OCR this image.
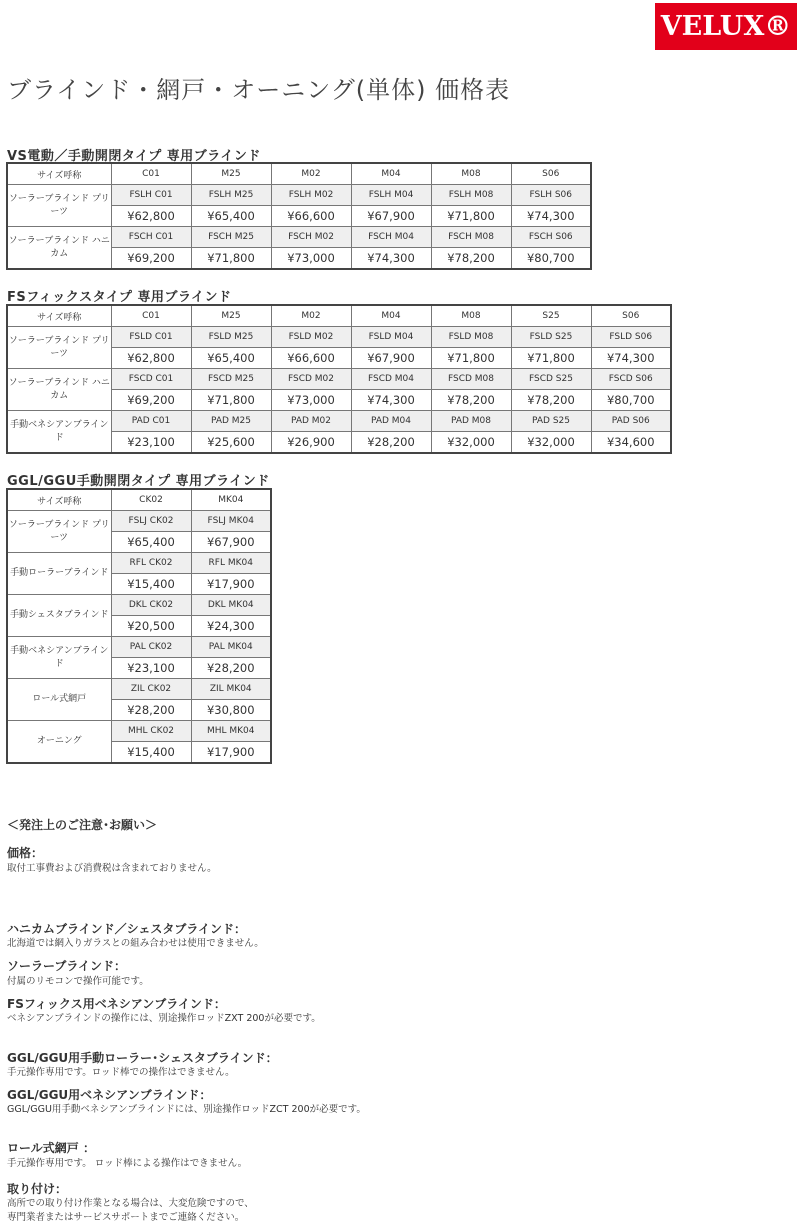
VELUX®
ブラインド・網戸・オーニング(単体) 価格表
VS電動／手動開閉タイプ 専用ブラインド
サイズ呼称	C01	M25	M02	M04	M08	S06
ソーラーブラインド プリーツ	FSLH C01	FSLH M25	FSLH M02	FSLH M04	FSLH M08	FSLH S06
	¥62,800	¥65,400	¥66,600	¥67,900	¥71,800	¥74,300
ソーラーブラインド ハニカム	FSCH C01	FSCH M25	FSCH M02	FSCH M04	FSCH M08	FSCH S06
	¥69,200	¥71,800	¥73,000	¥74,300	¥78,200	¥80,700
FSフィックスタイプ 専用ブラインド
サイズ呼称	C01	M25	M02	M04	M08	S25	S06
ソーラーブラインド プリーツ	FSLD C01	FSLD M25	FSLD M02	FSLD M04	FSLD M08	FSLD S25	FSLD S06
	¥62,800	¥65,400	¥66,600	¥67,900	¥71,800	¥71,800	¥74,300
ソーラーブラインド ハニカム	FSCD C01	FSCD M25	FSCD M02	FSCD M04	FSCD M08	FSCD S25	FSCD S06
	¥69,200	¥71,800	¥73,000	¥74,300	¥78,200	¥78,200	¥80,700
手動ベネシアンブラインド	PAD C01	PAD M25	PAD M02	PAD M04	PAD M08	PAD S25	PAD S06
	¥23,100	¥25,600	¥26,900	¥28,200	¥32,000	¥32,000	¥34,600
GGL/GGU手動開閉タイプ 専用ブラインド
サイズ呼称	CK02	MK04
ソーラーブラインド プリーツ	FSLJ CK02	FSLJ MK04
	¥65,400	¥67,900
手動ローラーブラインド	RFL CK02	RFL MK04
	¥15,400	¥17,900
手動シェスタブラインド	DKL CK02	DKL MK04
	¥20,500	¥24,300
手動ベネシアンブラインド	PAL CK02	PAL MK04
	¥23,100	¥28,200
ロール式網戸	ZIL CK02	ZIL MK04
	¥28,200	¥30,800
オーニング	MHL CK02	MHL MK04
	¥15,400	¥17,900
＜発注上のご注意･お願い＞
価格：

取付工事費および消費税は含まれておりません。

ハニカムブラインド／シェスタブラインド：

北海道では網入りガラスとの組み合わせは使用できません。

ソーラーブラインド：

付属のリモコンで操作可能です。

FSフィックス用ベネシアンブラインド：

ベネシアンブラインドの操作には、別途操作ロッドZXT 200が必要です。

GGL/GGU用手動ローラー･シェスタブラインド：

手元操作専用です。ロッド棒での操作はできません。

GGL/GGU用ベネシアンブラインド：

GGL/GGU用手動ベネシアンブラインドには、別途操作ロッドZCT 200が必要です。

ロール式網戸 ：

手元操作専用です。 ロッド棒による操作はできません。

取り付け：

高所での取り付け作業となる場合は、大変危険ですので、
専門業者またはサービスサポートまでご連絡ください。
